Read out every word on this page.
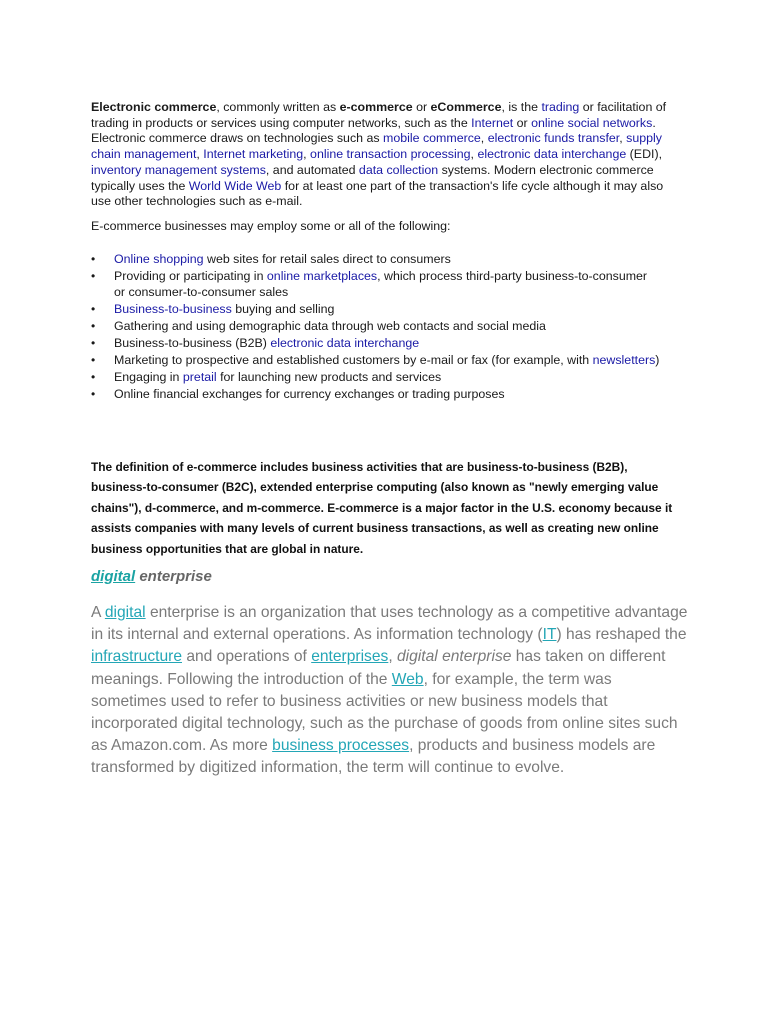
Electronic commerce, commonly written as e-commerce or eCommerce, is the trading or facilitation of trading in products or services using computer networks, such as the Internet or online social networks. Electronic commerce draws on technologies such as mobile commerce, electronic funds transfer, supply chain management, Internet marketing, online transaction processing, electronic data interchange (EDI), inventory management systems, and automated data collection systems. Modern electronic commerce typically uses the World Wide Web for at least one part of the transaction's life cycle although it may also use other technologies such as e-mail.

E-commerce businesses may employ some or all of the following:

• Online shopping web sites for retail sales direct to consumers
• Providing or participating in online marketplaces, which process third-party business-to-consumer or consumer-to-consumer sales
• Business-to-business buying and selling
• Gathering and using demographic data through web contacts and social media
• Business-to-business (B2B) electronic data interchange
• Marketing to prospective and established customers by e-mail or fax (for example, with newsletters)
• Engaging in pretail for launching new products and services
• Online financial exchanges for currency exchanges or trading purposes

The definition of e-commerce includes business activities that are business-to-business (B2B), business-to-consumer (B2C), extended enterprise computing (also known as "newly emerging value chains"), d-commerce, and m-commerce. E-commerce is a major factor in the U.S. economy because it assists companies with many levels of current business transactions, as well as creating new online business opportunities that are global in nature.

digital enterprise

A digital enterprise is an organization that uses technology as a competitive advantage in its internal and external operations. As information technology (IT) has reshaped the infrastructure and operations of enterprises, digital enterprise has taken on different meanings. Following the introduction of the Web, for example, the term was sometimes used to refer to business activities or new business models that incorporated digital technology, such as the purchase of goods from online sites such as Amazon.com. As more business processes, products and business models are transformed by digitized information, the term will continue to evolve.
